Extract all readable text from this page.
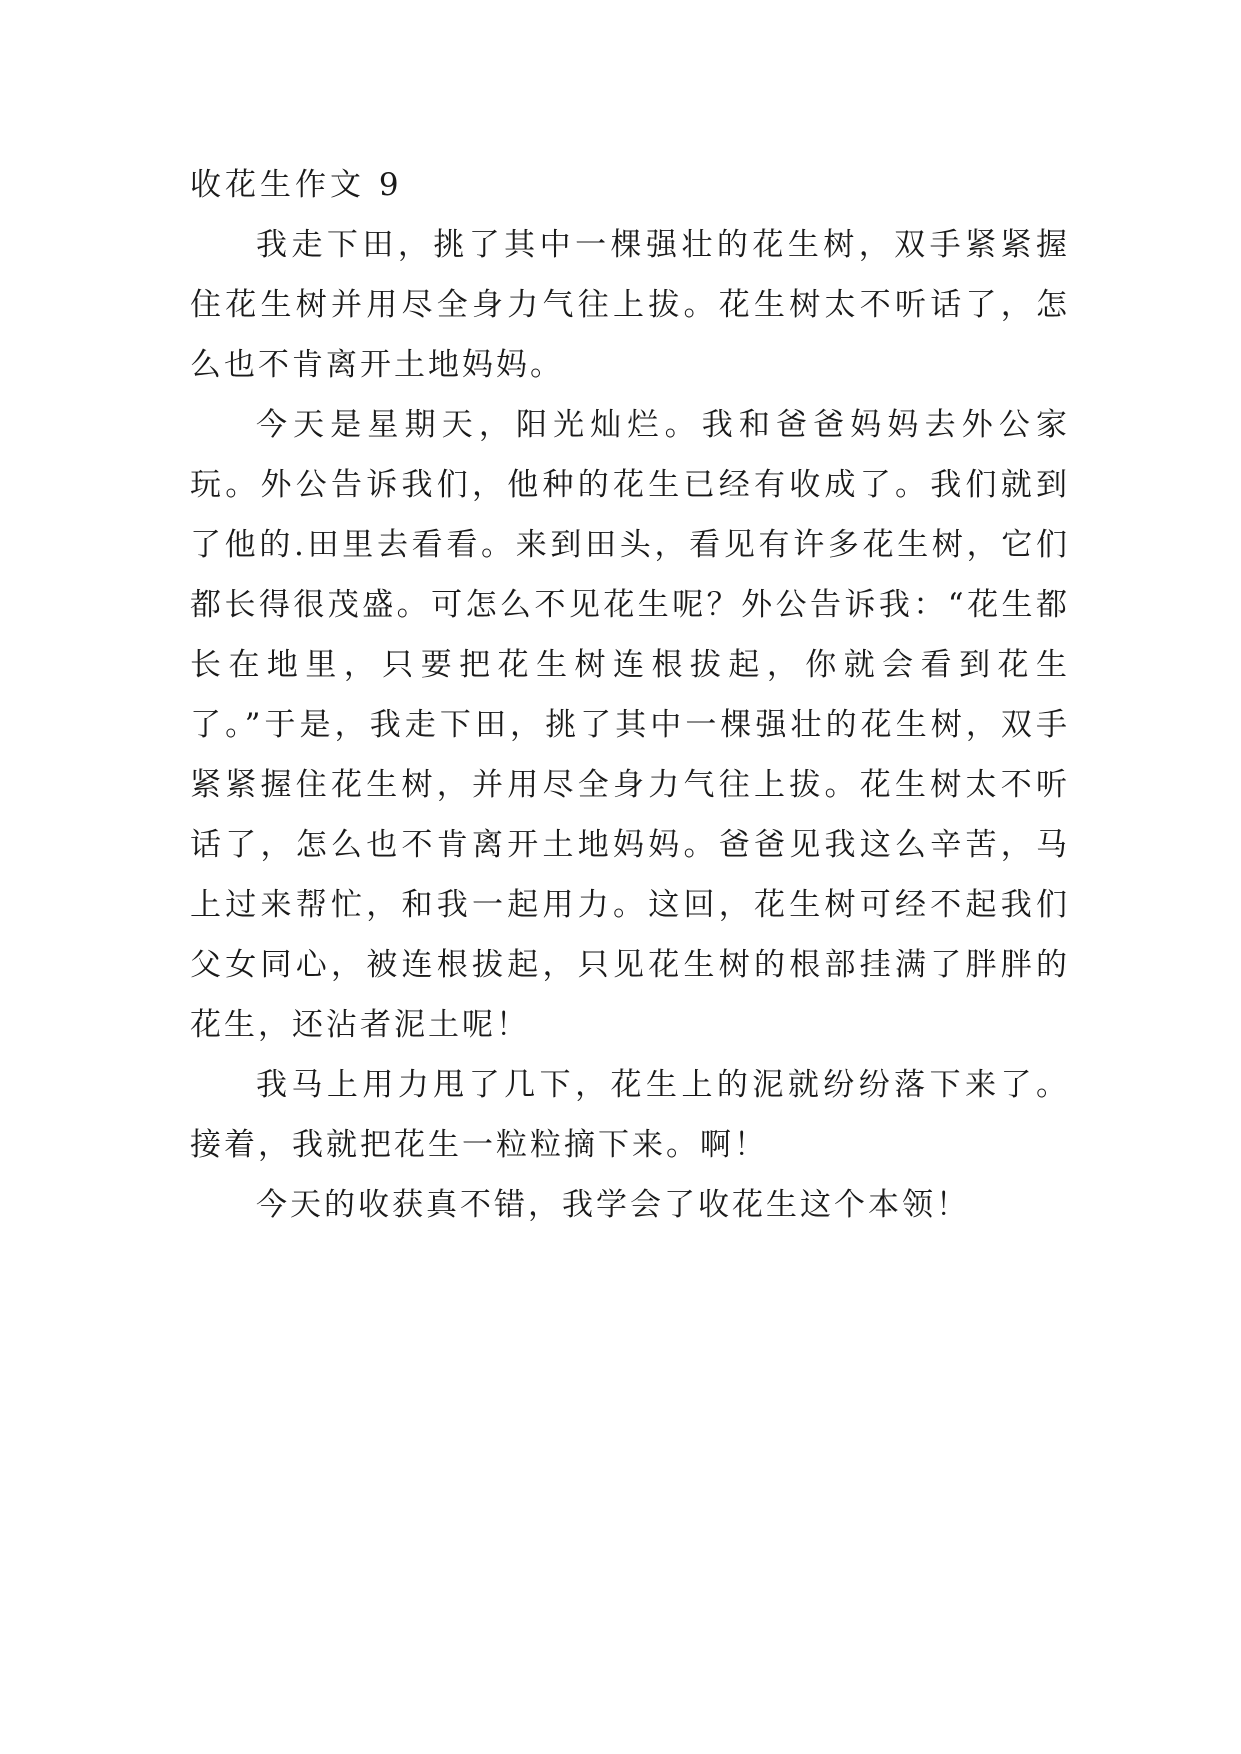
收花生作文 9

我走下田，挑了其中一棵强壮的花生树，双手紧紧握住花生树并用尽全身力气往上拔。花生树太不听话了，怎么也不肯离开土地妈妈。

今天是星期天，阳光灿烂。我和爸爸妈妈去外公家玩。外公告诉我们，他种的花生已经有收成了。我们就到了他的.田里去看看。来到田头，看见有许多花生树，它们都长得很茂盛。可怎么不见花生呢？外公告诉我：“花生都长在地里，只要把花生树连根拔起，你就会看到花生了。”于是，我走下田，挑了其中一棵强壮的花生树，双手紧紧握住花生树，并用尽全身力气往上拔。花生树太不听话了，怎么也不肯离开土地妈妈。爸爸见我这么辛苦，马上过来帮忙，和我一起用力。这回，花生树可经不起我们父女同心，被连根拔起，只见花生树的根部挂满了胖胖的花生，还沾者泥土呢！

我马上用力甩了几下，花生上的泥就纷纷落下来了。接着，我就把花生一粒粒摘下来。啊！

今天的收获真不错，我学会了收花生这个本领！
